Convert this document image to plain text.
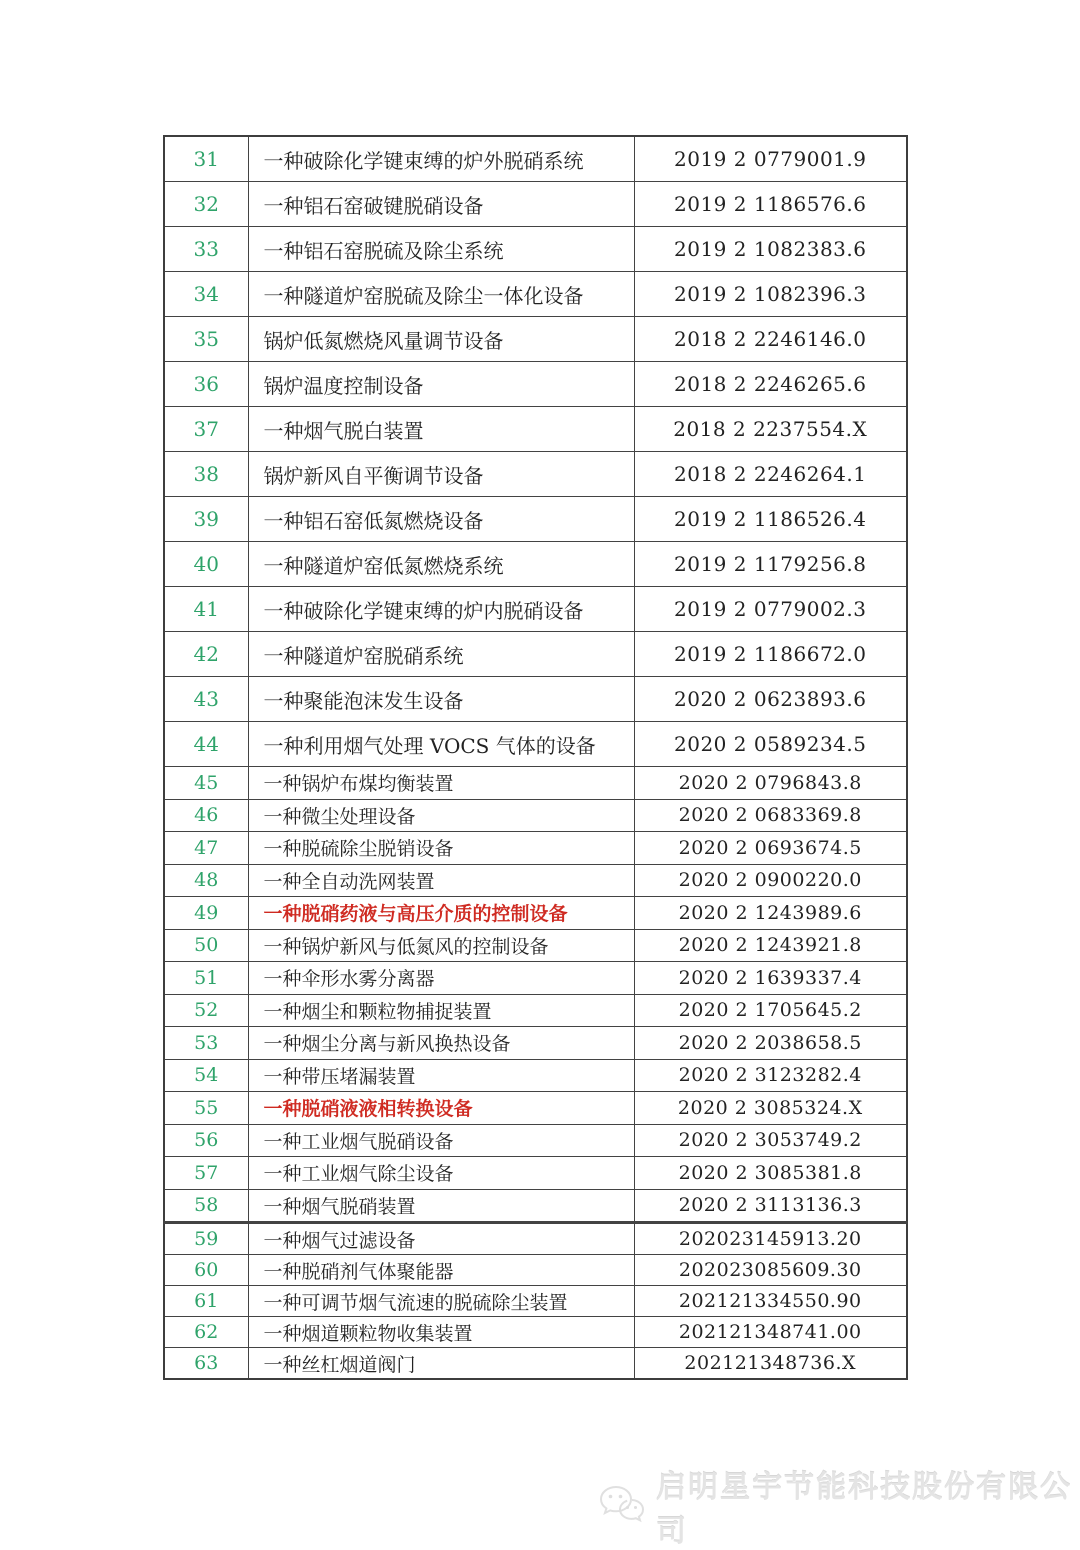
31	一种破除化学键束缚的炉外脱硝系统	2019 2 0779001.9
32	一种铝石窑破键脱硝设备	2019 2 1186576.6
33	一种铝石窑脱硫及除尘系统	2019 2 1082383.6
34	一种隧道炉窑脱硫及除尘一体化设备	2019 2 1082396.3
35	锅炉低氮燃烧风量调节设备	2018 2 2246146.0
36	锅炉温度控制设备	2018 2 2246265.6
37	一种烟气脱白装置	2018 2 2237554.X
38	锅炉新风自平衡调节设备	2018 2 2246264.1
39	一种铝石窑低氮燃烧设备	2019 2 1186526.4
40	一种隧道炉窑低氮燃烧系统	2019 2 1179256.8
41	一种破除化学键束缚的炉内脱硝设备	2019 2 0779002.3
42	一种隧道炉窑脱硝系统	2019 2 1186672.0
43	一种聚能泡沫发生设备	2020 2 0623893.6
44	一种利用烟气处理 VOCS 气体的设备	2020 2 0589234.5
45	一种锅炉布煤均衡装置	2020 2 0796843.8
46	一种微尘处理设备	2020 2 0683369.8
47	一种脱硫除尘脱销设备	2020 2 0693674.5
48	一种全自动洗网装置	2020 2 0900220.0
49	一种脱硝药液与高压介质的控制设备	2020 2 1243989.6
50	一种锅炉新风与低氮风的控制设备	2020 2 1243921.8
51	一种伞形水雾分离器	2020 2 1639337.4
52	一种烟尘和颗粒物捕捉装置	2020 2 1705645.2
53	一种烟尘分离与新风换热设备	2020 2 2038658.5
54	一种带压堵漏装置	2020 2 3123282.4
55	一种脱硝液液相转换设备	2020 2 3085324.X
56	一种工业烟气脱硝设备	2020 2 3053749.2
57	一种工业烟气除尘设备	2020 2 3085381.8
58	一种烟气脱硝装置	2020 2 3113136.3
59	一种烟气过滤设备	202023145913.20
60	一种脱硝剂气体聚能器	202023085609.30
61	一种可调节烟气流速的脱硫除尘装置	202121334550.90
62	一种烟道颗粒物收集装置	202121348741.00
63	一种丝杠烟道阀门	202121348736.X
启明星宇节能科技股份有限公司
